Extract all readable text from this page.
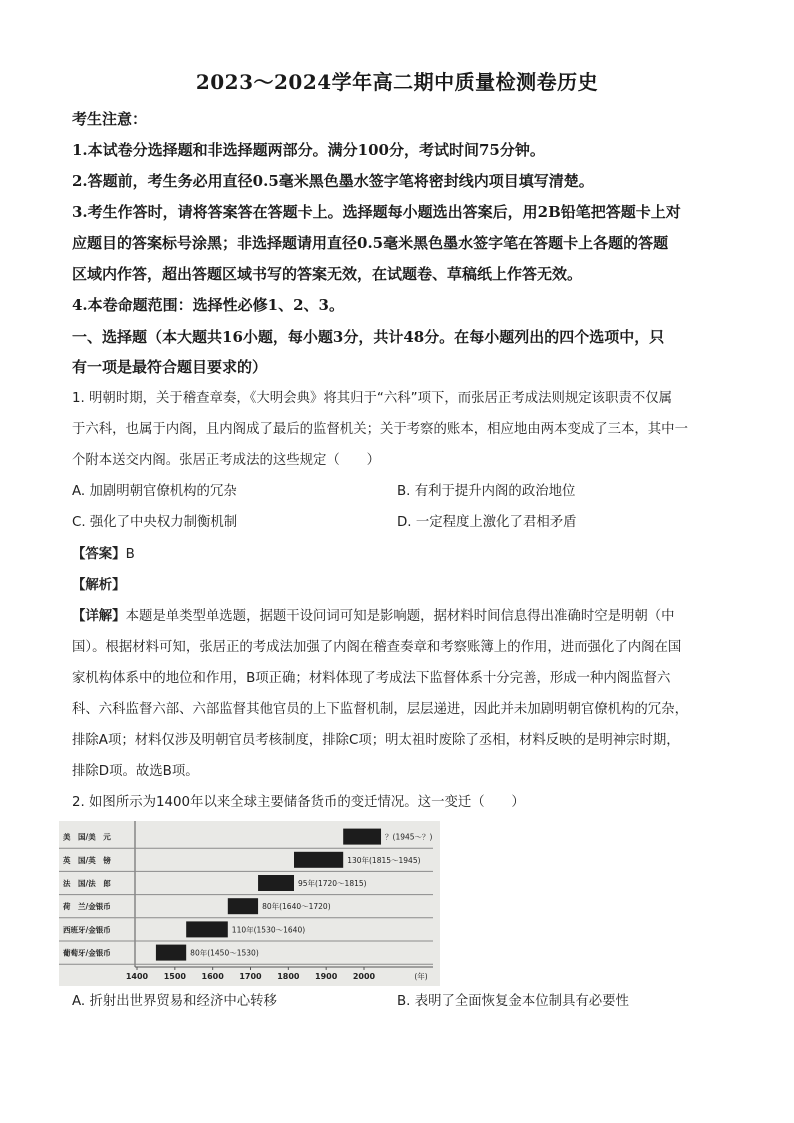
2023～2024学年高二期中质量检测卷历史
考生注意：
1.本试卷分选择题和非选择题两部分。满分100分，考试时间75分钟。
2.答题前，考生务必用直径0.5毫米黑色墨水签字笔将密封线内项目填写清楚。
3.考生作答时，请将答案答在答题卡上。选择题每小题选出答案后，用2B铅笔把答题卡上对
应题目的答案标号涂黑；非选择题请用直径0.5毫米黑色墨水签字笔在答题卡上各题的答题
区域内作答，超出答题区域书写的答案无效，在试题卷、草稿纸上作答无效。
4.本卷命题范围：选择性必修1、2、3。
一、选择题（本大题共16小题，每小题3分，共计48分。在每小题列出的四个选项中，只
有一项是最符合题目要求的）
1. 明朝时期，关于稽查章奏，《大明会典》将其归于“六科”项下，而张居正考成法则规定该职责不仅属
于六科，也属于内阁，且内阁成了最后的监督机关；关于考察的账本，相应地由两本变成了三本，其中一
个附本送交内阁。张居正考成法的这些规定（　　）
A. 加剧明朝官僚机构的冗杂	B. 有利于提升内阁的政治地位
C. 强化了中央权力制衡机制	D. 一定程度上激化了君相矛盾
【答案】B
【解析】
【详解】本题是单类型单选题，据题干设问词可知是影响题，据材料时间信息得出准确时空是明朝（中
国）。根据材料可知，张居正的考成法加强了内阁在稽查奏章和考察账簿上的作用，进而强化了内阁在国
家机构体系中的地位和作用，B项正确；材料体现了考成法下监督体系十分完善，形成一种内阁监督六
科、六科监督六部、六部监督其他官员的上下监督机制，层层递进，因此并未加剧明朝官僚机构的冗杂，
排除A项；材料仅涉及明朝官员考核制度，排除C项；明太祖时废除了丞相，材料反映的是明神宗时期，
排除D项。故选B项。
2. 如图所示为1400年以来全球主要储备货币的变迁情况。这一变迁（　　）
美　国/美　元	？(1945～？)
英　国/英　镑	130年(1815～1945)
法　国/法　郎	95年(1720～1815)
荷　兰/金银币	80年(1640～1720)
西班牙/金银币	110年(1530～1640)
葡萄牙/金银币	80年(1450～1530)
1400 1500 1600 1700 1800 1900 2000	(年)
A. 折射出世界贸易和经济中心转移	B. 表明了全面恢复金本位制具有必要性
